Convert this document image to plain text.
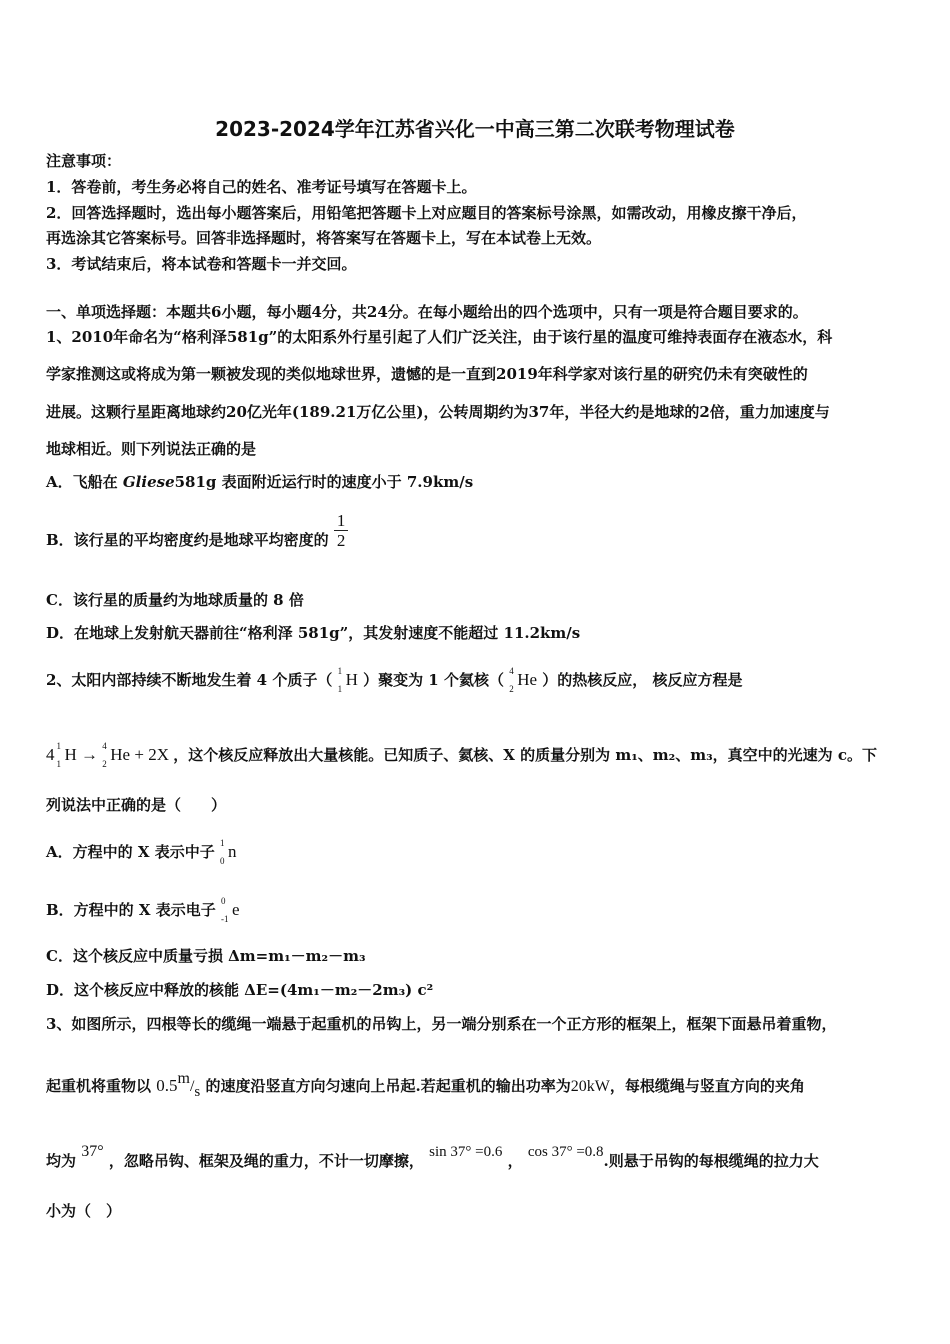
2023-2024学年江苏省兴化一中高三第二次联考物理试卷
注意事项：
1．答卷前，考生务必将自己的姓名、准考证号填写在答题卡上。
2．回答选择题时，选出每小题答案后，用铅笔把答题卡上对应题目的答案标号涂黑，如需改动，用橡皮擦干净后，
再选涂其它答案标号。回答非选择题时，将答案写在答题卡上，写在本试卷上无效。
3．考试结束后，将本试卷和答题卡一并交回。
一、单项选择题：本题共6小题，每小题4分，共24分。在每小题给出的四个选项中，只有一项是符合题目要求的。
1、2010年命名为“格利泽581g”的太阳系外行星引起了人们广泛关注，由于该行星的温度可维持表面存在液态水，科
学家推测这或将成为第一颗被发现的类似地球世界，遗憾的是一直到2019年科学家对该行星的研究仍未有突破性的
进展。这颗行星距离地球约20亿光年(189.21万亿公里)，公转周期约为37年，半径大约是地球的2倍，重力加速度与
地球相近。则下列说法正确的是
A．飞船在 Gliese581g 表面附近运行时的速度小于 7.9km/s
B．该行星的平均密度约是地球平均密度的 $\frac{1}{2}$
C．该行星的质量约为地球质量的 8 倍
D．在地球上发射航天器前往“格利泽 581g”，其发射速度不能超过 11.2km/s
2、太阳内部持续不断地发生着 4 个质子（ 1
1 H ）聚变为 1 个氦核（ 4
2 He ）的热核反应， 核反应方程是
4 1
1 H → 4
2 He + 2X ，这个核反应释放出大量核能。已知质子、氦核、X 的质量分别为 m₁、m₂、m₃，真空中的光速为 c。下
列说法中正确的是（　　）
A．方程中的 X 表示中子 1
0 n
B．方程中的 X 表示电子 0
-1 e
C．这个核反应中质量亏损 Δm=m₁－m₂－m₃
D．这个核反应中释放的核能 ΔE=(4m₁－m₂－2m₃) c²
3、如图所示，四根等长的缆绳一端悬于起重机的吊钩上，另一端分别系在一个正方形的框架上，框架下面悬吊着重物，
起重机将重物以 0.5m/s 的速度沿竖直方向匀速向上吊起.若起重机的输出功率为20kW，每根缆绳与竖直方向的夹角
均为 37° ，忽略吊钩、框架及绳的重力，不计一切摩擦， sin 37° =0.6 ， cos 37° =0.8.则悬于吊钩的每根缆绳的拉力大
小为（　）
